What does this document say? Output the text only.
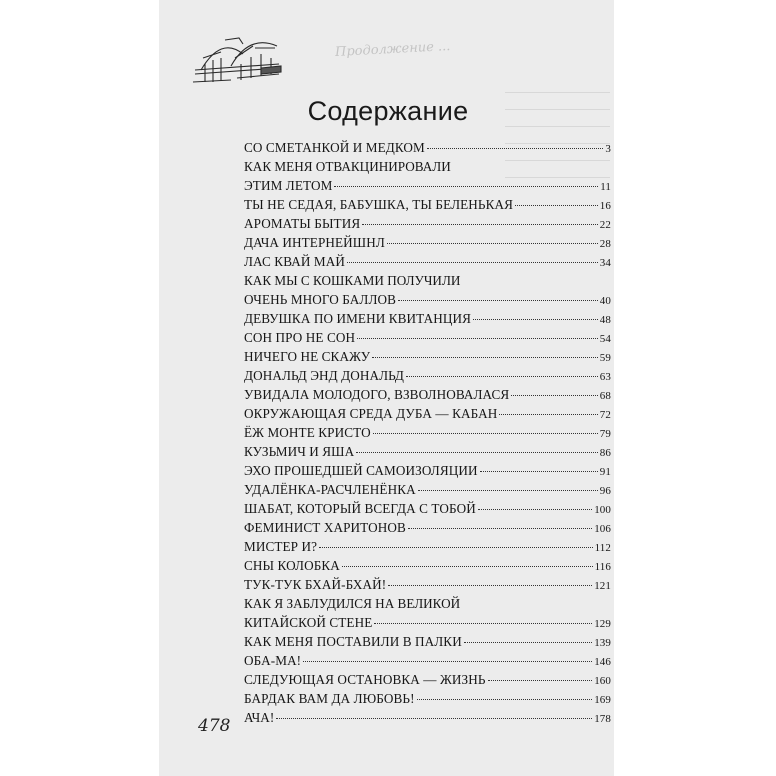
Продолжение ...
Содержание
СО СМЕТАНКОЙ И МЕДКОМ	3
КАК МЕНЯ ОТВАКЦИНИРОВАЛИ
ЭТИМ ЛЕТОМ	11
ТЫ НЕ СЕДАЯ, БАБУШКА, ТЫ БЕЛЕНЬКАЯ	16
АРОМАТЫ БЫТИЯ	22
ДАЧА ИНТЕРНЕЙШНЛ	28
ЛАС КВАЙ МАЙ	34
КАК МЫ С КОШКАМИ ПОЛУЧИЛИ
ОЧЕНЬ МНОГО БАЛЛОВ	40
ДЕВУШКА ПО ИМЕНИ КВИТАНЦИЯ	48
СОН ПРО НЕ СОН	54
НИЧЕГО НЕ СКАЖУ	59
ДОНАЛЬД ЭНД ДОНАЛЬД	63
УВИДАЛА МОЛОДОГО, ВЗВОЛНОВАЛАСЯ	68
ОКРУЖАЮЩАЯ СРЕДА ДУБА — КАБАН	72
ЁЖ МОНТЕ КРИСТО	79
КУЗЬМИЧ И ЯША	86
ЭХО ПРОШЕДШЕЙ САМОИЗОЛЯЦИИ	91
УДАЛЁНКА-РАСЧЛЕНЁНКА	96
ШАБАТ, КОТОРЫЙ ВСЕГДА С ТОБОЙ	100
ФЕМИНИСТ ХАРИТОНОВ	106
МИСТЕР И?	112
СНЫ КОЛОБКА	116
ТУК-ТУК БХАЙ-БХАЙ!	121
КАК Я ЗАБЛУДИЛСЯ НА ВЕЛИКОЙ
КИТАЙСКОЙ СТЕНЕ	129
КАК МЕНЯ ПОСТАВИЛИ В ПАЛКИ	139
ОБА-МА!	146
СЛЕДУЮЩАЯ ОСТАНОВКА — ЖИЗНЬ	160
БАРДАК ВАМ ДА ЛЮБОВЬ!	169
АЧА!	178
478
